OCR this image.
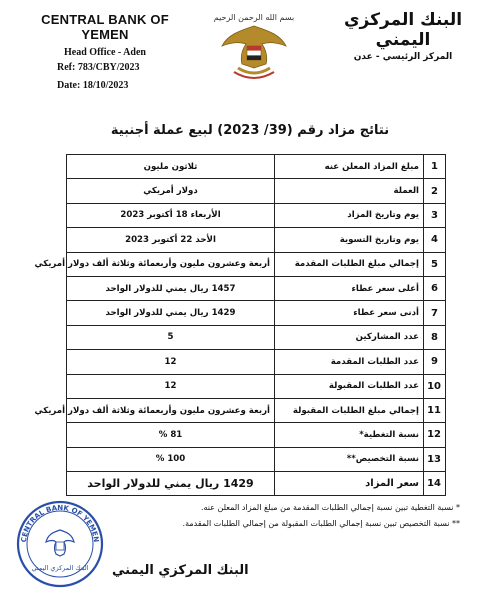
CENTRAL BANK OF YEMEN
Head Office - Aden
Ref: 783/CBY/2023
Date: 18/10/2023
بسم الله الرحمن الرحيم	البنك المركزي اليمني
المركز الرئيسي - عدن
نتائج مزاد رقم (39/ 2023) لبيع عملة أجنبية
1	مبلغ المزاد المعلن عنه	ثلاثون مليون
2	العملة	دولار أمريكي
3	يوم وتاريخ المزاد	الأربعاء 18 أكتوبر 2023
4	يوم وتاريخ التسوية	الأحد 22 أكتوبر 2023
5	إجمالي مبلغ الطلبات المقدمة	أربعة وعشرون مليون وأربعمائة وثلاثة ألف دولار أمريكي
6	أعلى سعر عطاء	1457 ريال يمني للدولار الواحد
7	أدنى سعر عطاء	1429 ريال يمني للدولار الواحد
8	عدد المشاركين	5
9	عدد الطلبات المقدمة	12
10	عدد الطلبات المقبولة	12
11	إجمالي مبلغ الطلبات المقبولة	أربعة وعشرون مليون وأربعمائة وثلاثة ألف دولار أمريكي
12	نسبة التغطية*	81 %
13	نسبة التخصيص**	100 %
14	سعر المزاد	1429 ريال يمني للدولار الواحد
* نسبة التغطية تبين نسبة إجمالي الطلبات المقدمة من مبلغ المزاد المعلن عنه.
** نسبة التخصيص تبين نسبة إجمالي الطلبات المقبولة من إجمالي الطلبات المقدمة.
CENTRAL BANK OF YEMEN
البنك المركزي اليمني البنك المركزي اليمني
